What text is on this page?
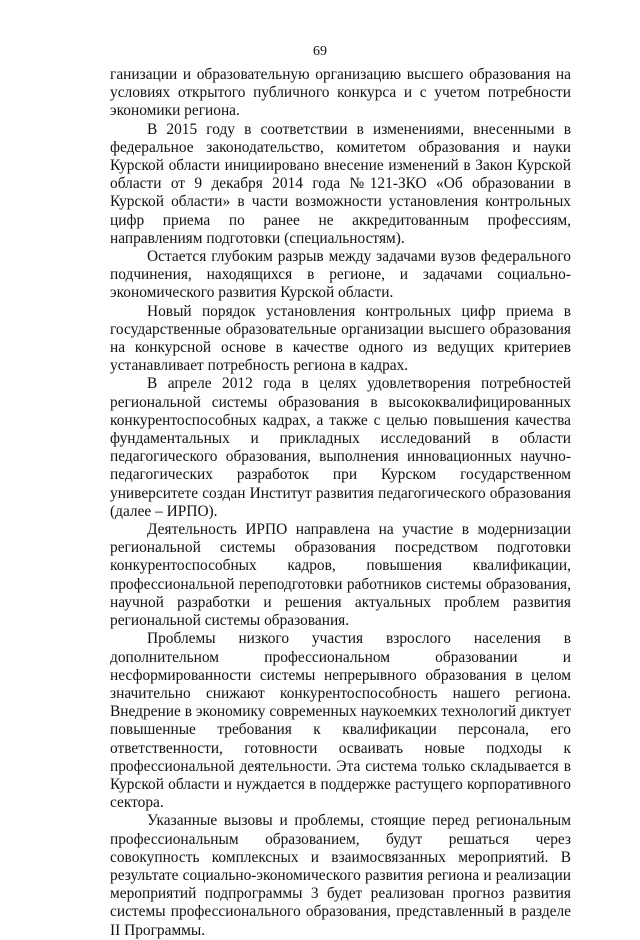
69

ганизации и образовательную организацию высшего образования на условиях открытого публичного конкурса и с учетом потребности экономики региона.

В 2015 году в соответствии в изменениями, внесенными в федеральное законодательство, комитетом образования и науки Курской области инициировано внесение изменений в Закон Курской области от 9 декабря 2014 года №121-ЗКО «Об образовании в Курской области» в части возможности установления контрольных цифр приема по ранее не аккредитованным профессиям, направлениям подготовки (специальностям).

Остается глубоким разрыв между задачами вузов федерального подчинения, находящихся в регионе, и задачами социально-экономического развития Курской области.

Новый порядок установления контрольных цифр приема в государственные образовательные организации высшего образования на конкурсной основе в качестве одного из ведущих критериев устанавливает потребность региона в кадрах.

В апреле 2012 года в целях удовлетворения потребностей региональной системы образования в высококвалифицированных конкурентоспособных кадрах, а также с целью повышения качества фундаментальных и прикладных исследований в области педагогического образования, выполнения инновационных научно-педагогических разработок при Курском государственном университете создан Институт развития педагогического образования (далее – ИРПО).

Деятельность ИРПО направлена на участие в модернизации региональной системы образования посредством подготовки конкурентоспособных кадров, повышения квалификации, профессиональной переподготовки работников системы образования, научной разработки и решения актуальных проблем развития региональной системы образования.

Проблемы низкого участия взрослого населения в дополнительном профессиональном образовании и несформированности системы непрерывного образования в целом значительно снижают конкурентоспособность нашего региона. Внедрение в экономику современных наукоемких технологий диктует повышенные требования к квалификации персонала, его ответственности, готовности осваивать новые подходы к профессиональной деятельности. Эта система только складывается в Курской области и нуждается в поддержке растущего корпоративного сектора.

Указанные вызовы и проблемы, стоящие перед региональным профессиональным образованием, будут решаться через совокупность комплексных и взаимосвязанных мероприятий. В результате социально-экономического развития региона и реализации мероприятий подпрограммы 3 будет реализован прогноз развития системы профессионального образования, представленный в разделе II Программы.
